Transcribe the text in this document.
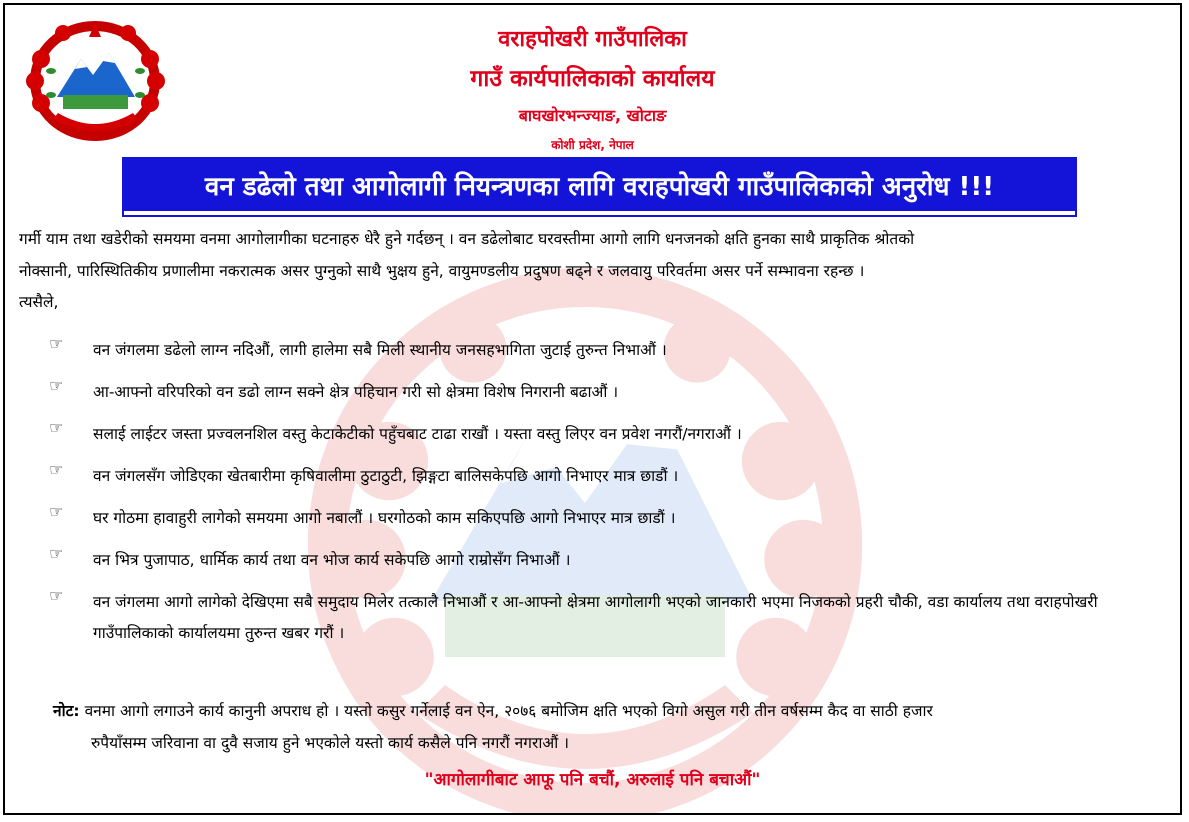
वराहपोखरी गाउँपालिका
गाउँ कार्यपालिकाको कार्यालय
बाघखोरभन्ज्याङ, खोटाङ
कोशी प्रदेश, नेपाल
वन डढेलो तथा आगोलागी नियन्त्रणका लागि वराहपोखरी गाउँपालिकाको अनुरोध !!!
गर्मी याम तथा खडेरीको समयमा वनमा आगोलागीका घटनाहरु धेरै हुने गर्दछन् । वन डढेलोबाट घरवस्तीमा आगो लागि धनजनको क्षति हुनका साथै प्राकृतिक श्रोतको
नोक्सानी, पारिस्थितिकीय प्रणालीमा नकरात्मक असर पुग्नुको साथै भुक्षय हुने, वायुमण्डलीय प्रदुषण बढ्ने र जलवायु परिवर्तमा असर पर्ने सम्भावना रहन्छ ।
त्यसैले,
☞ वन जंगलमा डढेलो लाग्न नदिऔं, लागी हालेमा सबै मिली स्थानीय जनसहभागिता जुटाई तुरुन्त निभाऔं ।
☞ आ-आफ्नो वरिपरिको वन डढो लाग्न सक्ने क्षेत्र पहिचान गरी सो क्षेत्रमा विशेष निगरानी बढाऔं ।
☞ सलाई लाईटर जस्ता प्रज्वलनशिल वस्तु केटाकेटीको पहुँचबाट टाढा राखौं । यस्ता वस्तु लिएर वन प्रवेश नगरौं/नगराऔं ।
☞ वन जंगलसँग जोडिएका खेतबारीमा कृषिवालीमा ठुटाठुटी, झिङ्गटा बालिसकेपछि आगो निभाएर मात्र छाडौं ।
☞ घर गोठमा हावाहुरी लागेको समयमा आगो नबालौं । घरगोठको काम सकिएपछि आगो निभाएर मात्र छाडौं ।
☞ वन भित्र पुजापाठ, धार्मिक कार्य तथा वन भोज कार्य सकेपछि आगो राम्रोसँग निभाऔं ।
☞ वन जंगलमा आगो लागेको देखिएमा सबै समुदाय मिलेर तत्कालै निभाऔं र आ-आफ्नो क्षेत्रमा आगोलागी भएको जानकारी भएमा निजकको प्रहरी चौकी, वडा कार्यालय तथा वराहपोखरी गाउँपालिकाको कार्यालयमा तुरुन्त खबर गरौं ।
नोट: वनमा आगो लगाउने कार्य कानुनी अपराध हो । यस्तो कसुर गर्नेलाई वन ऐन, २०७६ बमोजिम क्षति भएको विगो असुल गरी तीन वर्षसम्म कैद वा साठी हजार
रुपैयाँसम्म जरिवाना वा दुवै सजाय हुने भएकोले यस्तो कार्य कसैले पनि नगरौं नगराऔं ।
"आगोलागीबाट आफू पनि बचौं, अरुलाई पनि बचाऔं"
